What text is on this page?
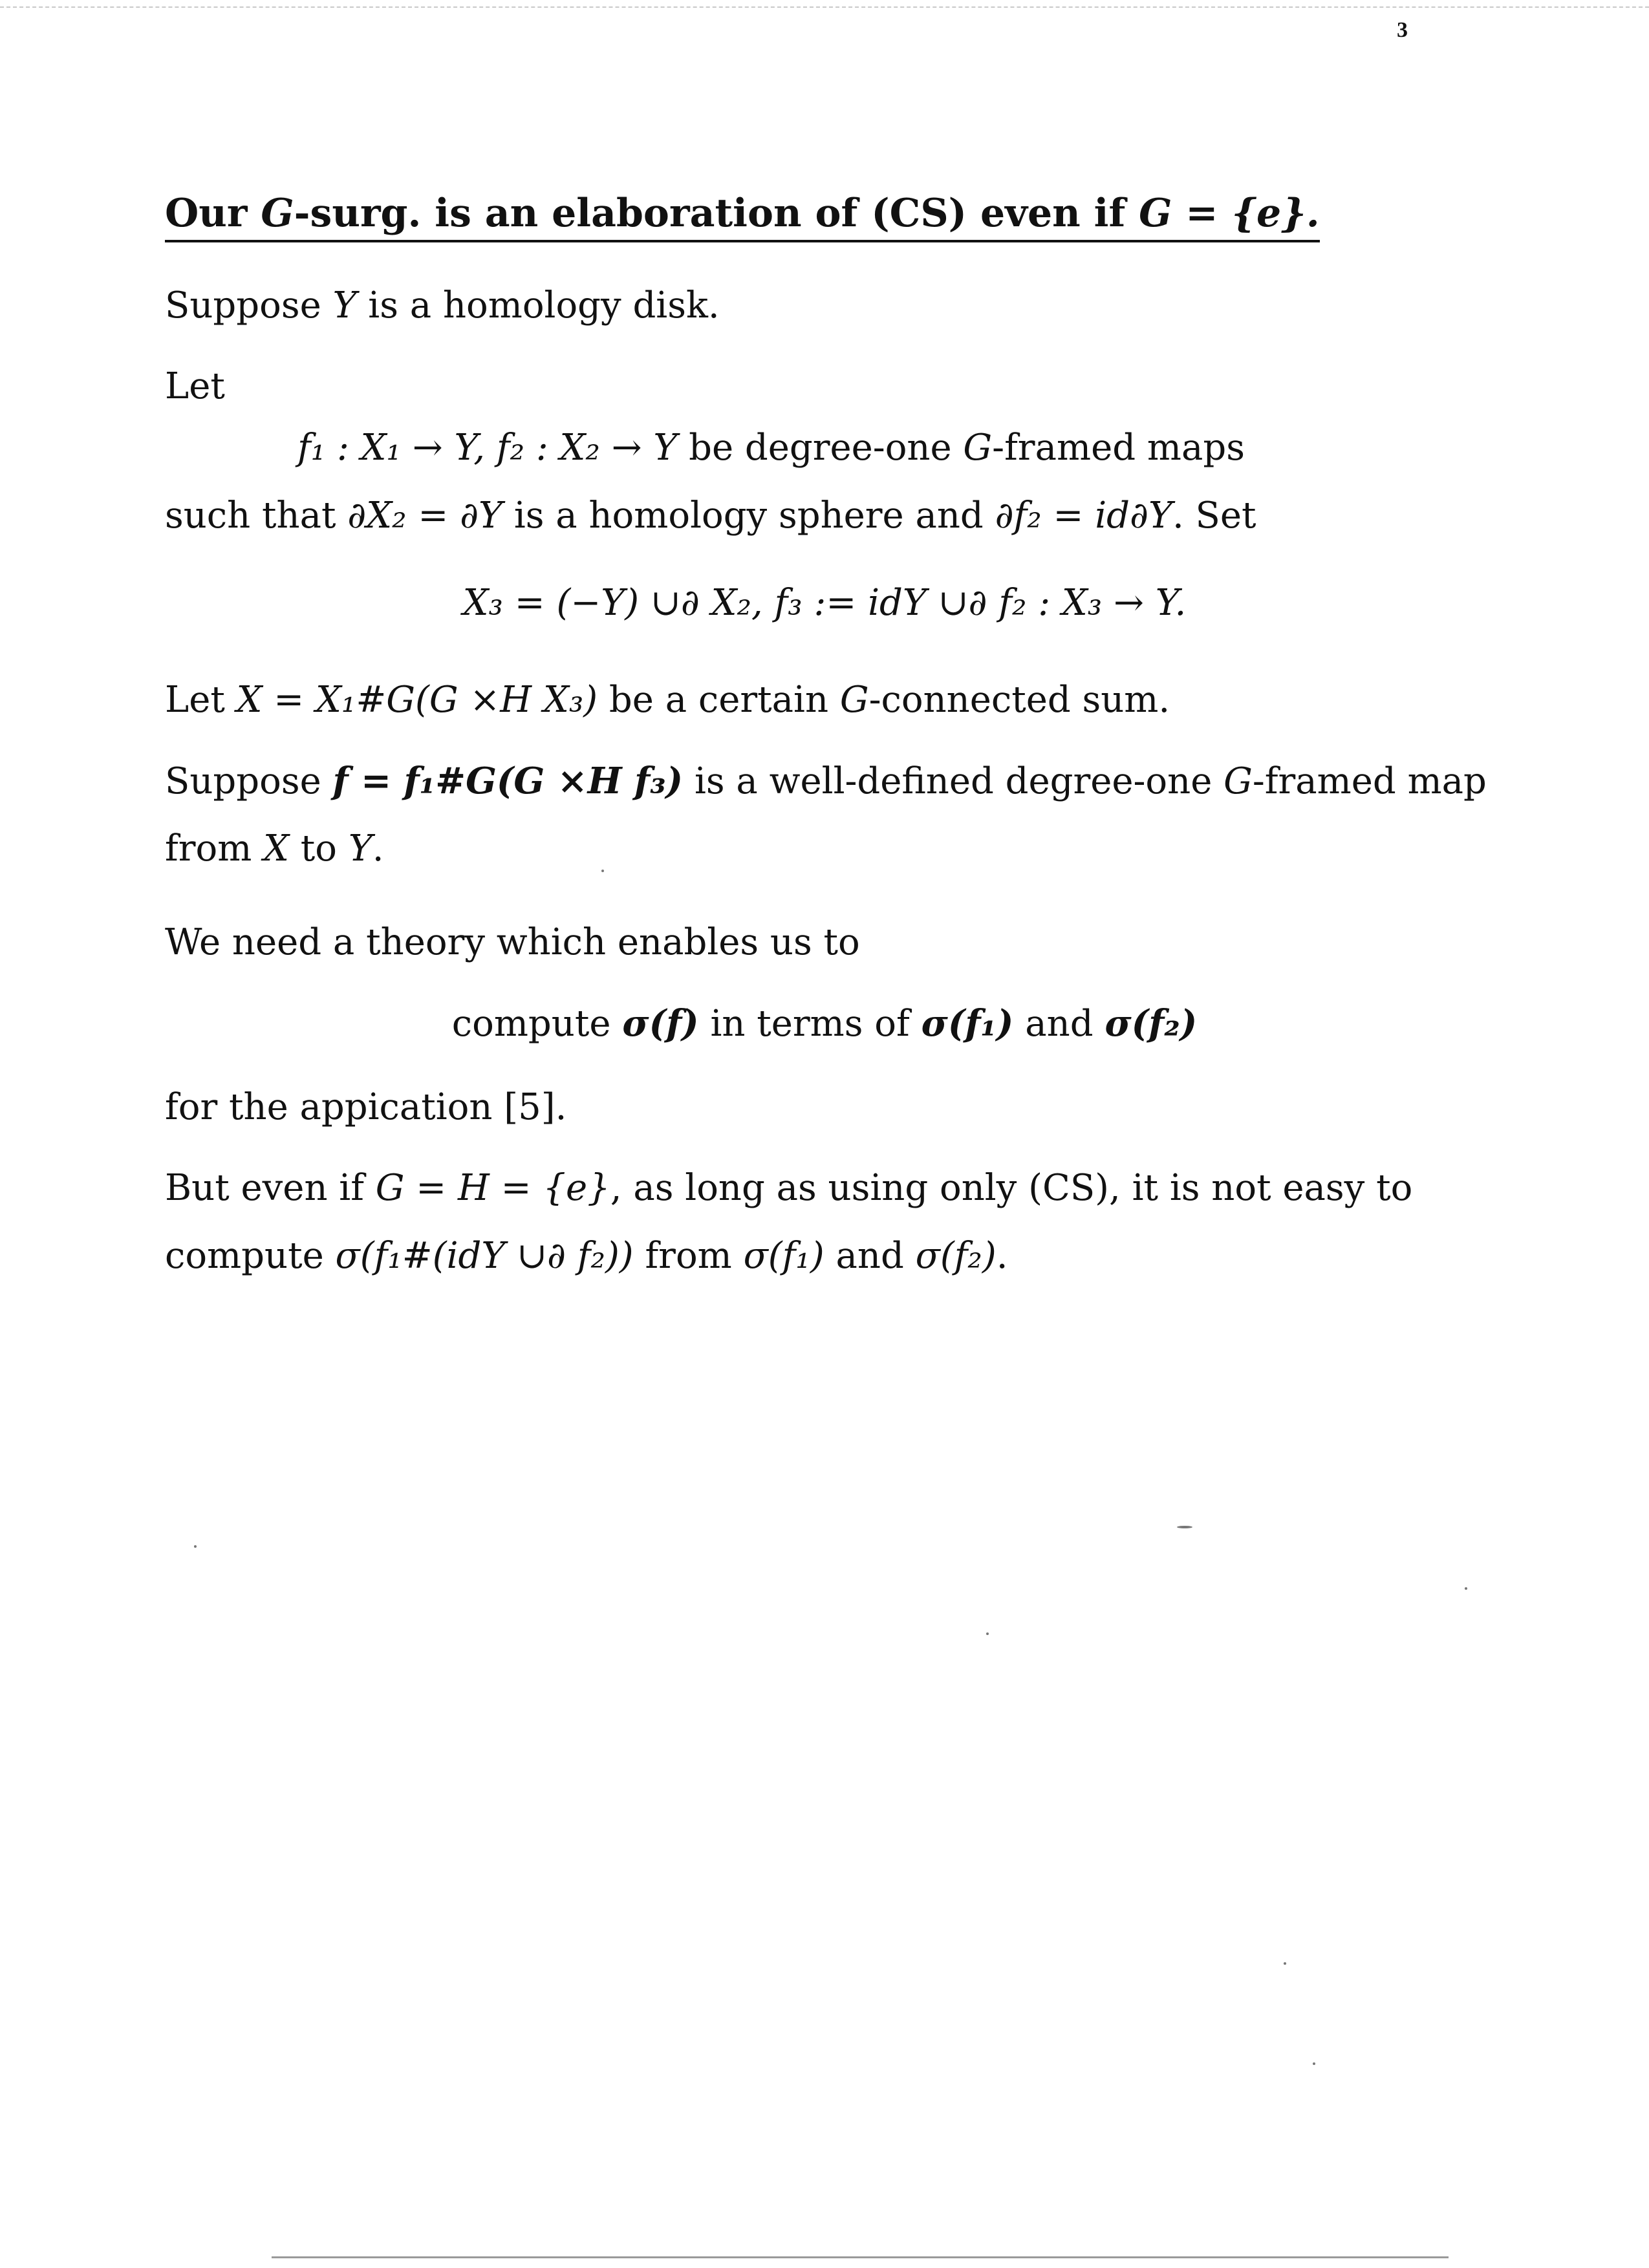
3
Our G-surg. is an elaboration of (CS) even if G = {e}.
Suppose Y is a homology disk.
Let
f₁ : X₁ → Y, f₂ : X₂ → Y be degree-one G-framed maps
such that ∂X₂ = ∂Y is a homology sphere and ∂f₂ = id∂Y. Set
X₃ = (−Y) ∪∂ X₂, f₃ := idY ∪∂ f₂ : X₃ → Y.
Let X = X₁#G(G ×H X₃) be a certain G-connected sum.
Suppose f = f₁#G(G ×H f₃) is a well-defined degree-one G-framed map
from X to Y.
We need a theory which enables us to
compute σ(f) in terms of σ(f₁) and σ(f₂)
for the appication [5].
But even if G = H = {e}, as long as using only (CS), it is not easy to
compute σ(f₁#(idY ∪∂ f₂)) from σ(f₁) and σ(f₂).
